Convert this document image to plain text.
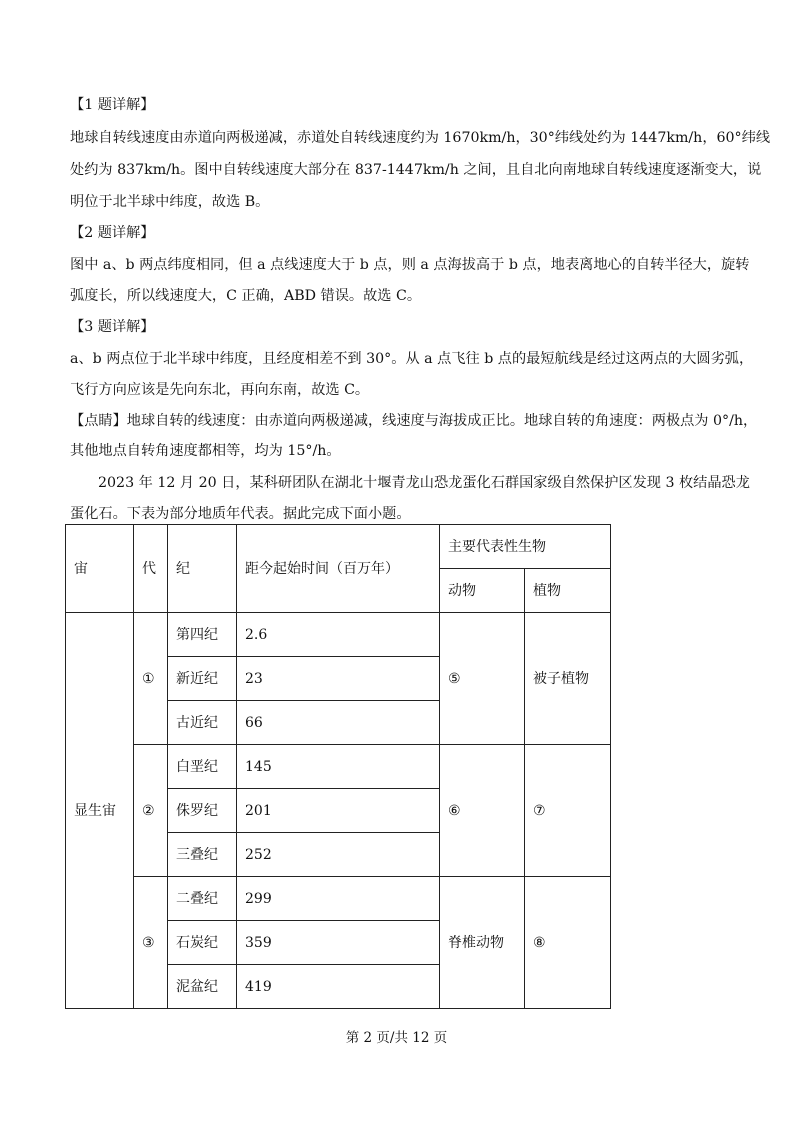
【1 题详解】
地球自转线速度由赤道向两极递减，赤道处自转线速度约为 1670km/h，30°纬线处约为 1447km/h，60°纬线
处约为 837km/h。图中自转线速度大部分在 837-1447km/h 之间，且自北向南地球自转线速度逐渐变大，说
明位于北半球中纬度，故选 B。
【2 题详解】
图中 a、b 两点纬度相同，但 a 点线速度大于 b 点，则 a 点海拔高于 b 点，地表离地心的自转半径大，旋转
弧度长，所以线速度大，C 正确，ABD 错误。故选 C。
【3 题详解】
a、b 两点位于北半球中纬度，且经度相差不到 30°。从 a 点飞往 b 点的最短航线是经过这两点的大圆劣弧，
飞行方向应该是先向东北，再向东南，故选 C。
【点睛】地球自转的线速度：由赤道向两极递减，线速度与海拔成正比。地球自转的角速度：两极点为 0°/h，
其他地点自转角速度都相等，均为 15°/h。
2023 年 12 月 20 日，某科研团队在湖北十堰青龙山恐龙蛋化石群国家级自然保护区发现 3 枚结晶恐龙
蛋化石。下表为部分地质年代表。据此完成下面小题。
宙	代	纪	距今起始时间（百万年）	主要代表性生物	
				动物	植物
显生宙	①	第四纪	2.6	⑤	被子植物
		新近纪	23		
		古近纪	66		
	②	白垩纪	145	⑥	⑦
		侏罗纪	201		
		三叠纪	252		
	③	二叠纪	299	脊椎动物	⑧
		石炭纪	359		
		泥盆纪	419		
第 2 页/共 12 页
